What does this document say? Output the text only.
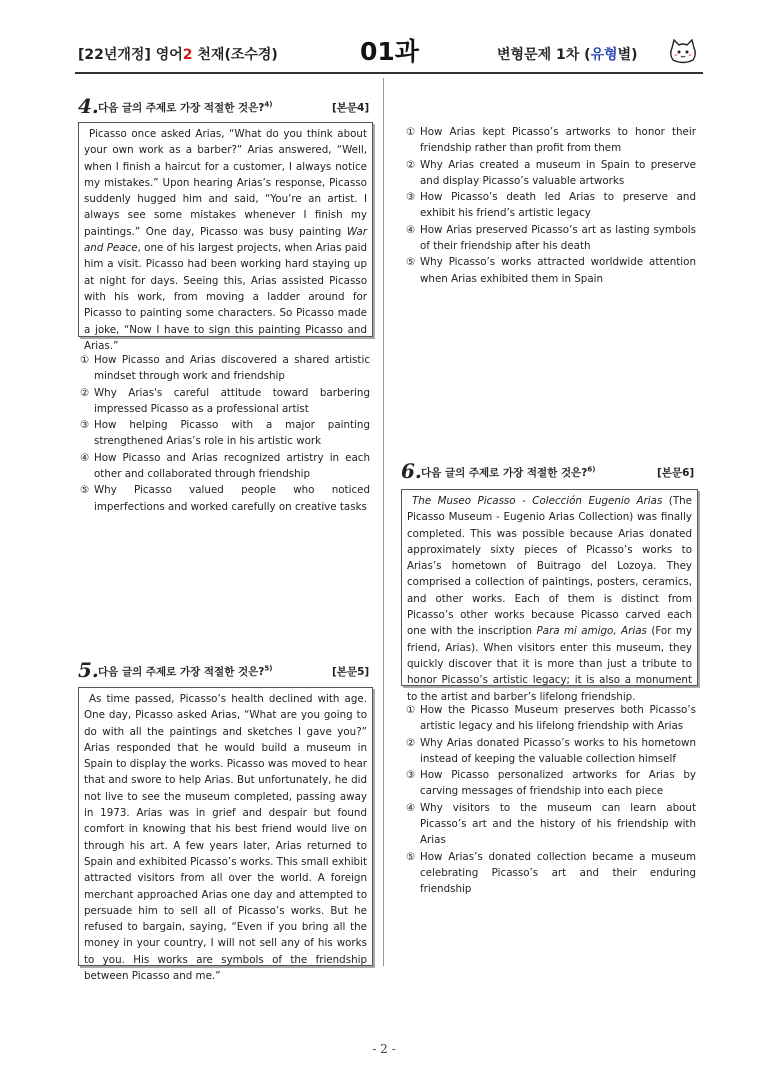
[22년개정] 영어2 천재(조수경)	01과	변형문제 1차 (유형별)
4. 다음 글의 주제로 가장 적절한 것은?$^{4)}$	[본문4]
Picasso once asked Arias, “What do you think about your own work as a barber?” Arias answered, “Well, when I finish a haircut for a customer, I always notice my mistakes.” Upon hearing Arias’s response, Picasso suddenly hugged him and said, “You’re an artist. I always see some mistakes whenever I finish my paintings.” One day, Picasso was busy painting War and Peace, one of his largest projects, when Arias paid him a visit. Picasso had been working hard staying up at night for days. Seeing this, Arias assisted Picasso with his work, from moving a ladder around for Picasso to painting some characters. So Picasso made a joke, “Now I have to sign this painting Picasso and Arias.”
① How Picasso and Arias discovered a shared artistic mindset through work and friendship
② Why Arias's careful attitude toward barbering impressed Picasso as a professional artist
③ How helping Picasso with a major painting strengthened Arias’s role in his artistic work
④ How Picasso and Arias recognized artistry in each other and collaborated through friendship
⑤ Why Picasso valued people who noticed imperfections and worked carefully on creative tasks
5. 다음 글의 주제로 가장 적절한 것은?$^{5)}$	[본문5]
As time passed, Picasso’s health declined with age. One day, Picasso asked Arias, “What are you going to do with all the paintings and sketches I gave you?” Arias responded that he would build a museum in Spain to display the works. Picasso was moved to hear that and swore to help Arias. But unfortunately, he did not live to see the museum completed, passing away in 1973. Arias was in grief and despair but found comfort in knowing that his best friend would live on through his art. A few years later, Arias returned to Spain and exhibited Picasso’s works. This small exhibit attracted visitors from all over the world. A foreign merchant approached Arias one day and attempted to persuade him to sell all of Picasso’s works. But he refused to bargain, saying, “Even if you bring all the money in your country, I will not sell any of his works to you. His works are symbols of the friendship between Picasso and me.”
① How Arias kept Picasso’s artworks to honor their friendship rather than profit from them
② Why Arias created a museum in Spain to preserve and display Picasso’s valuable artworks
③ How Picasso’s death led Arias to preserve and exhibit his friend’s artistic legacy
④ How Arias preserved Picasso’s art as lasting symbols of their friendship after his death
⑤ Why Picasso’s works attracted worldwide attention when Arias exhibited them in Spain
6. 다음 글의 주제로 가장 적절한 것은?$^{6)}$	[본문6]
The Museo Picasso - Colección Eugenio Arias (The Picasso Museum - Eugenio Arias Collection) was finally completed. This was possible because Arias donated approximately sixty pieces of Picasso’s works to Arias’s hometown of Buitrago del Lozoya. They comprised a collection of paintings, posters, ceramics, and other works. Each of them is distinct from Picasso’s other works because Picasso carved each one with the inscription Para mi amigo, Arias (For my friend, Arias). When visitors enter this museum, they quickly discover that it is more than just a tribute to honor Picasso’s artistic legacy; it is also a monument to the artist and barber’s lifelong friendship.
① How the Picasso Museum preserves both Picasso’s artistic legacy and his lifelong friendship with Arias
② Why Arias donated Picasso’s works to his hometown instead of keeping the valuable collection himself
③ How Picasso personalized artworks for Arias by carving messages of friendship into each piece
④ Why visitors to the museum can learn about Picasso’s art and the history of his friendship with Arias
⑤ How Arias’s donated collection became a museum celebrating Picasso’s art and their enduring friendship
- 2 -
